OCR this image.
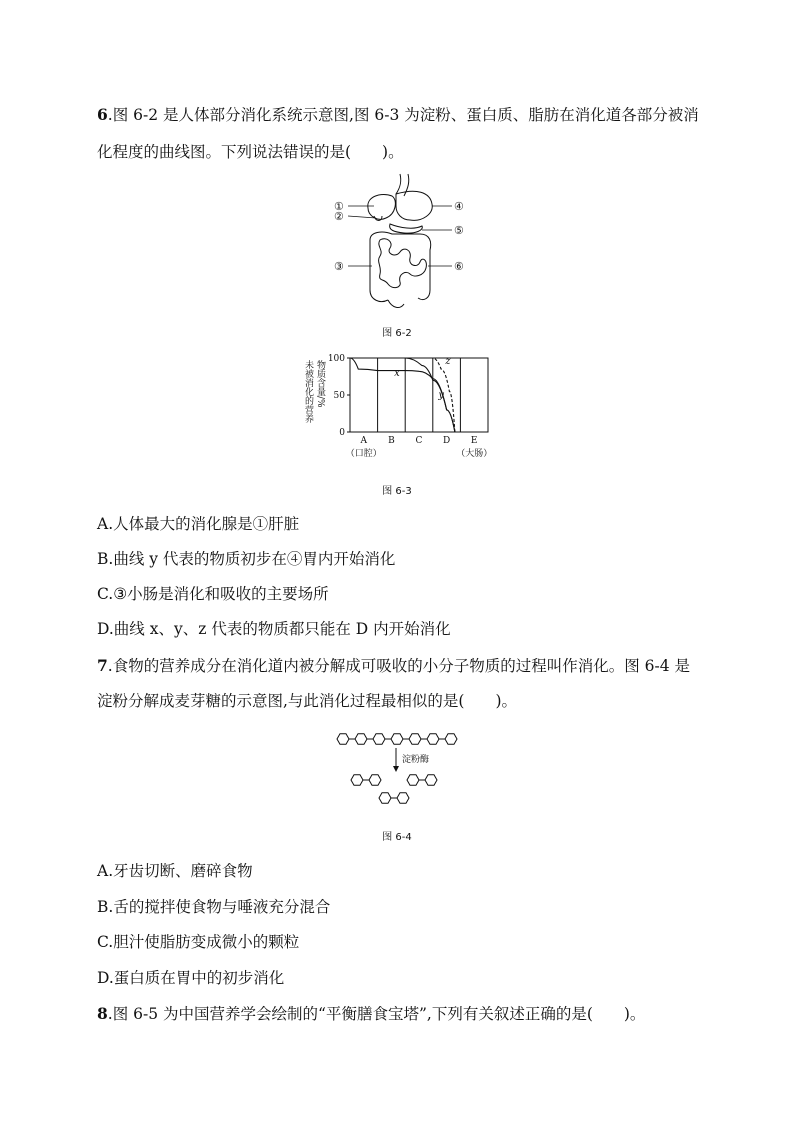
6.图 6-2 是人体部分消化系统示意图,图 6-3 为淀粉、蛋白质、脂肪在消化道各部分被消
化程度的曲线图。下列说法错误的是(　　)。
①
②
④
⑤
③	⑥
图 6-2
0
50
100
x
y
z
A B C D E
（口腔）	（大肠）
未被消化的营养 物质含量/%
图 6-3
A.人体最大的消化腺是①肝脏
B.曲线 y 代表的物质初步在④胃内开始消化
C.③小肠是消化和吸收的主要场所
D.曲线 x、y、z 代表的物质都只能在 D 内开始消化
7.食物的营养成分在消化道内被分解成可吸收的小分子物质的过程叫作消化。图 6-4 是
淀粉分解成麦芽糖的示意图,与此消化过程最相似的是(　　)。
淀粉酶
图 6-4
A.牙齿切断、磨碎食物
B.舌的搅拌使食物与唾液充分混合
C.胆汁使脂肪变成微小的颗粒
D.蛋白质在胃中的初步消化
8.图 6-5 为中国营养学会绘制的“平衡膳食宝塔”,下列有关叙述正确的是(　　)。
